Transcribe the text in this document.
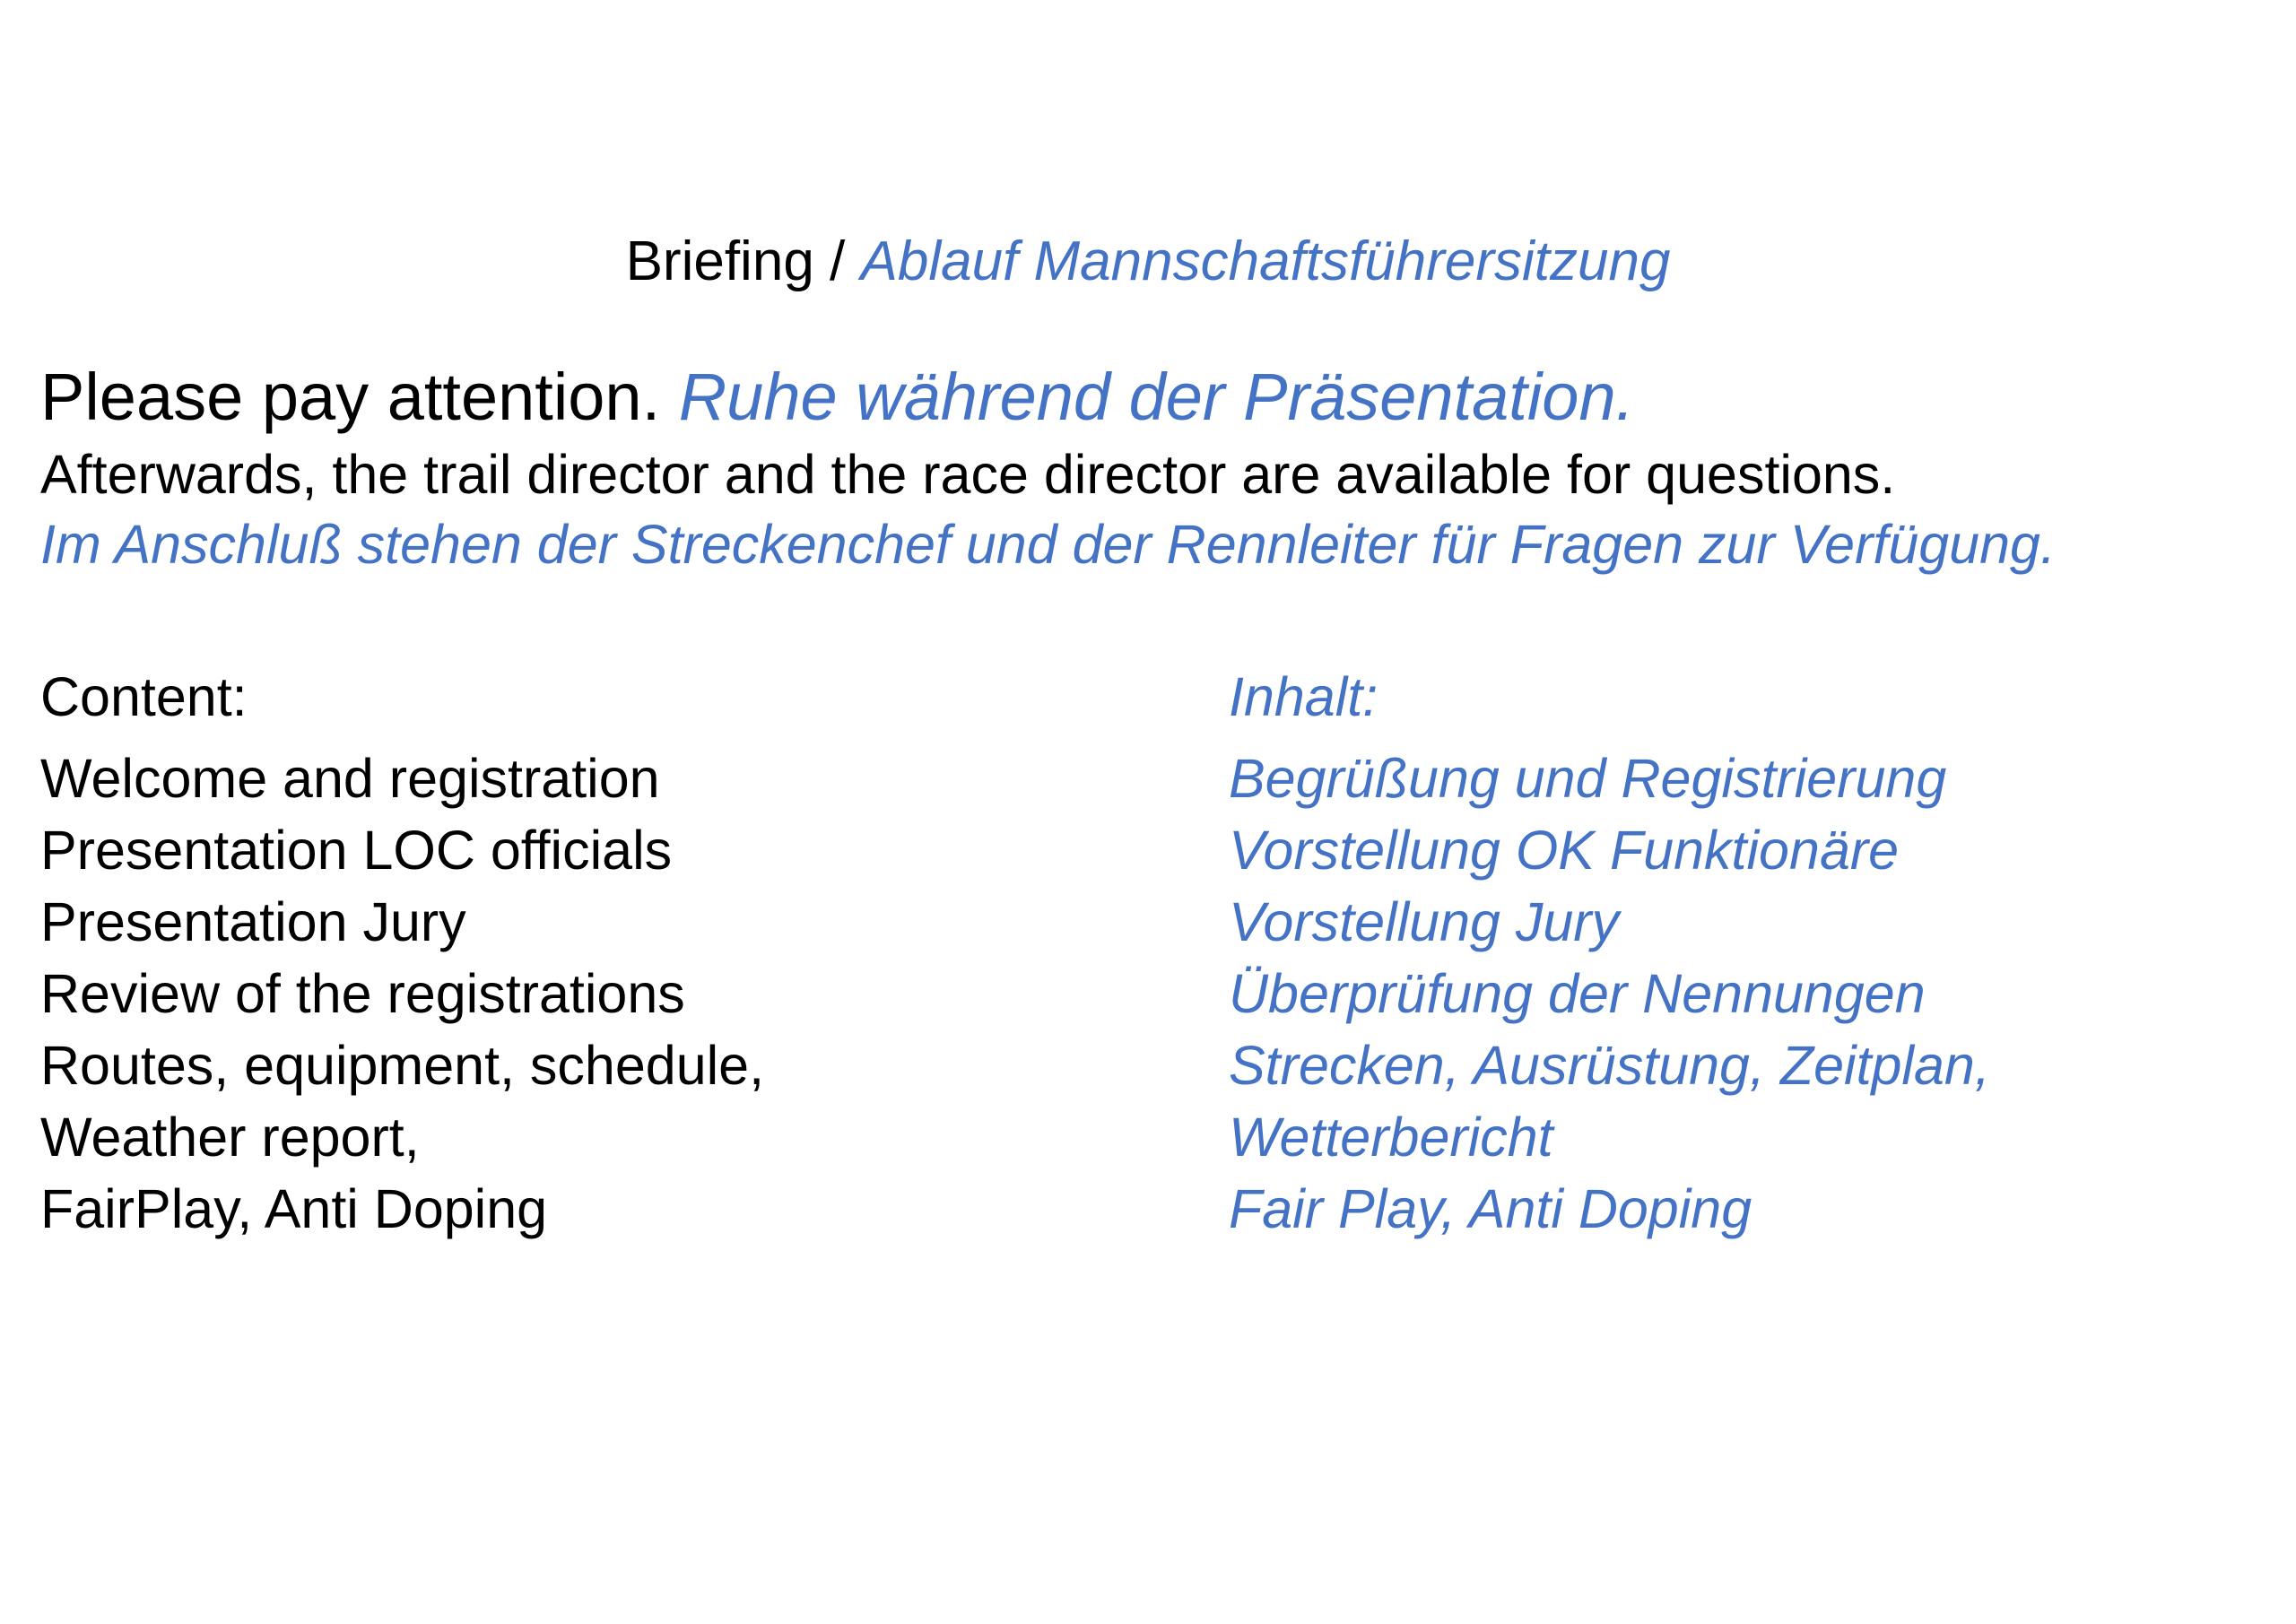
Briefing / Ablauf Mannschaftsführersitzung
Please pay attention. Ruhe während der Präsentation.
Afterwards, the trail director and the race director are available for questions.
Im Anschluß stehen der Streckenchef und der Rennleiter für Fragen zur Verfügung.
Content:
Welcome and registration
Presentation LOC officials
Presentation Jury
Review of the registrations
Routes, equipment, schedule,
Weather report,
FairPlay, Anti Doping
Inhalt:
Begrüßung und Registrierung
Vorstellung OK Funktionäre
Vorstellung Jury
Überprüfung der Nennungen
Strecken, Ausrüstung, Zeitplan,
Wetterbericht
Fair Play, Anti Doping
